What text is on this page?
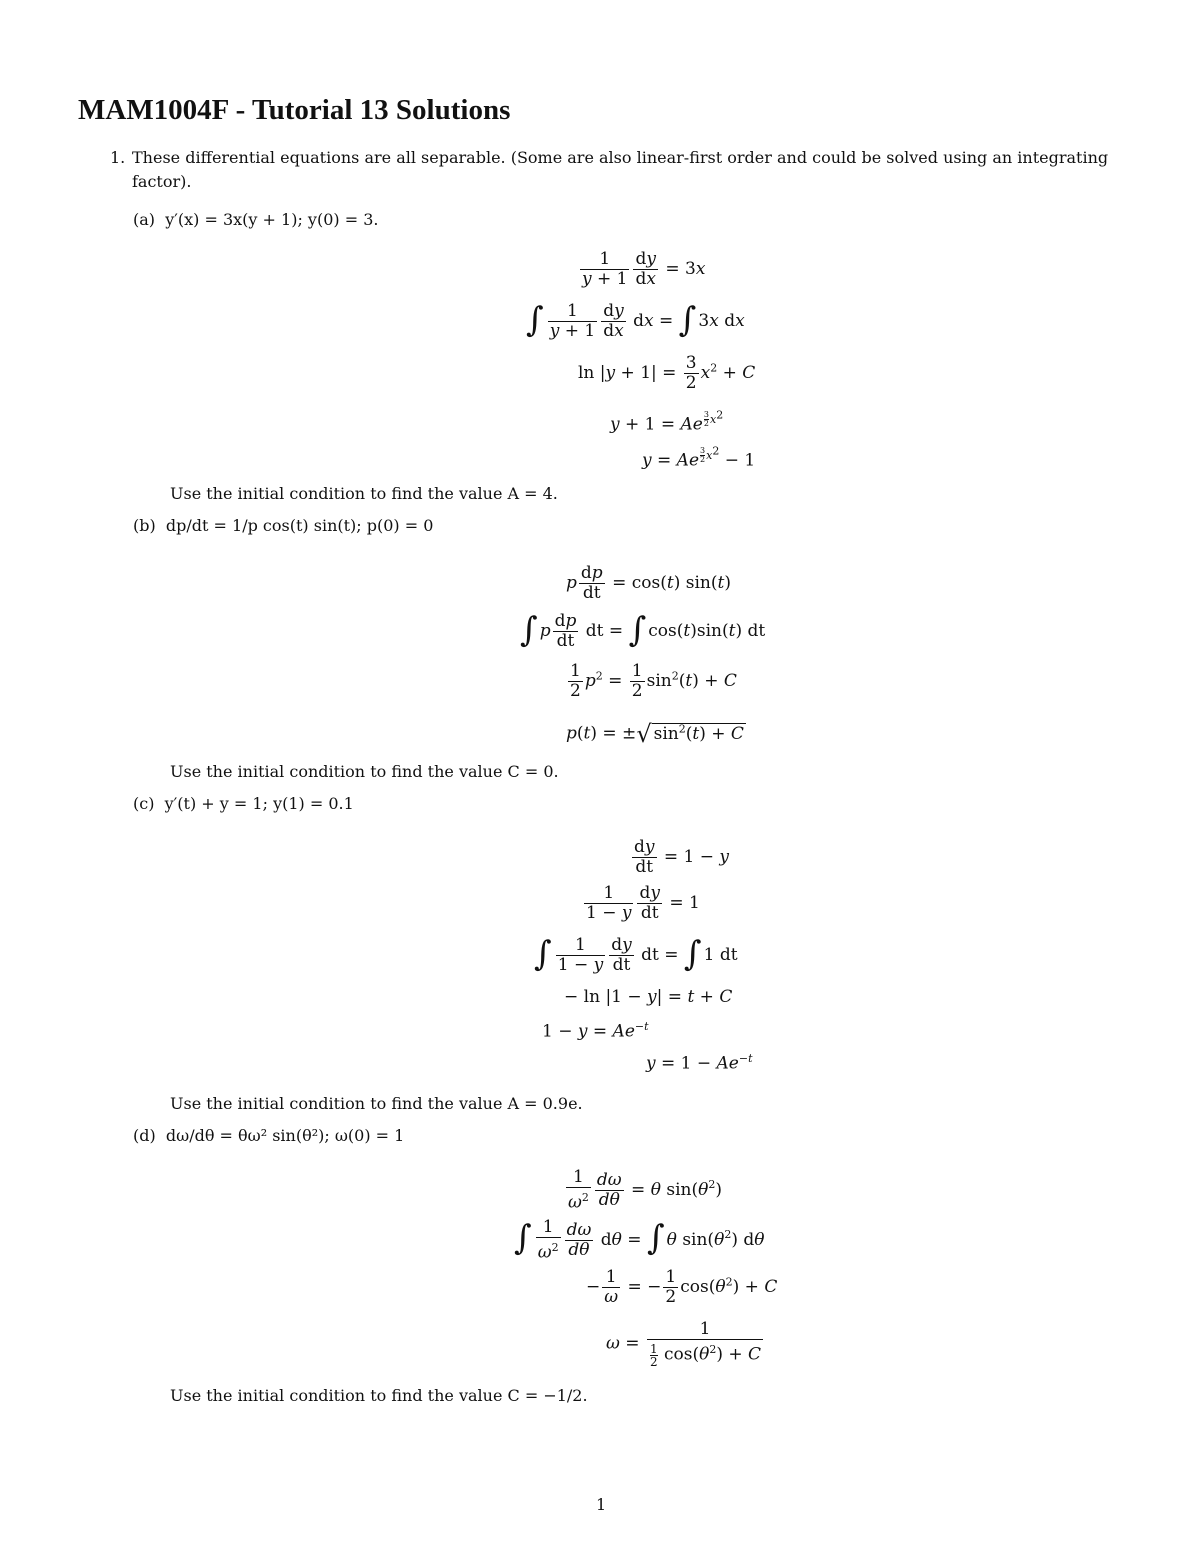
MAM1004F - Tutorial 13 Solutions
1. These differential equations are all separable. (Some are also linear-first order and could be solved using an integrating factor).
(a) y′(x) = 3x(y + 1); y(0) = 3.
$\frac{1}{y + 1} \frac{dy}{dx} = 3x$
∫ $\frac{1}{y + 1} \frac{dy}{dx}$ dx = ∫ 3x dx
$\ln |y + 1| = \frac{3}{2} x^2 + C$
y + 1 = Ae $^{\frac{3}{2} x^2}$
y = Ae $^{\frac{3}{2} x^2}$ − 1
Use the initial condition to find the value A = 4.
(b) dp/dt = 1/p cos(t) sin(t); p(0) = 0
p $\frac{dp}{dt} = \cos(t)$ sin(t)
∫ p $\frac{dp}{dt}$ dt = ∫ cos(t)sin(t) dt
$\frac{1}{2} p^2 = \frac{1}{2} \sin^2(t) + C$
p(t) = ±√ $\sin^2(t) + C$
Use the initial condition to find the value C = 0.
(c) y′(t) + y = 1; y(1) = 0.1
$\frac{dy}{dt} = 1 - y$
$\frac{1}{1 - y} \frac{dy}{dt} = 1$
∫ $\frac{1}{1 - y} \frac{dy}{dt}$ dt = ∫ 1 dt
− ln |1 − y| = t + C
$1 - y = Ae^{-t}$
$y = 1 - Ae^{-t}$
Use the initial condition to find the value A = 0.9e.
(d) dω/dθ = θω² sin(θ²); ω(0) = 1
$\frac{1}{\omega^2} \frac{d\omega}{d\theta} = \theta$ $\sin(\theta^2)$
∫ $\frac{1}{\omega^2} \frac{d\omega}{d\theta}$ dθ = ∫ θ $\sin(\theta^2)$ dθ
− $\frac{1}{\omega}$ = − $\frac{1}{2} \cos(\theta^2) + C$
$\omega = \frac{1}{\frac{1}{2} \cos(\theta^2) + C}$
Use the initial condition to find the value C = −1/2.
1
